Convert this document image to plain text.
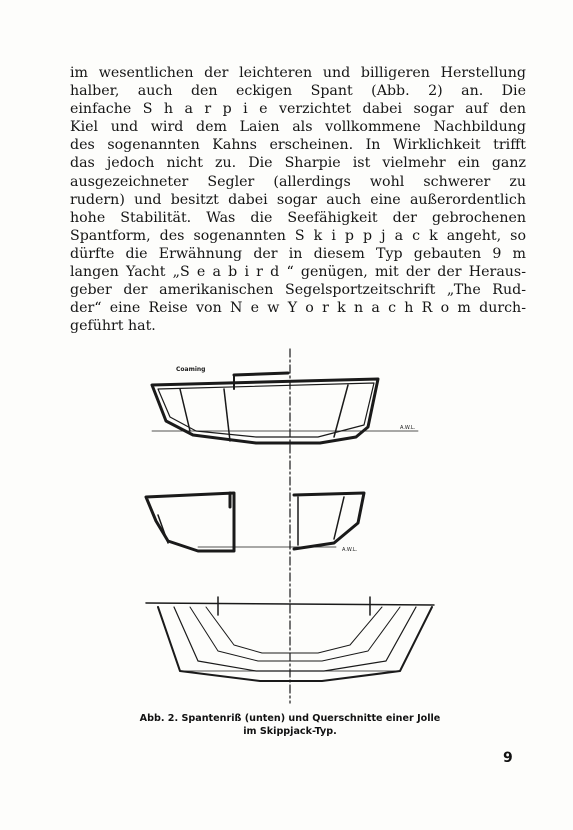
im wesentlichen der leichteren und billigeren Herstellung
halber, auch den eckigen Spant (Abb. 2) an. Die
einfache S h a r p i e verzichtet dabei sogar auf den
Kiel und wird dem Laien als vollkommene Nachbildung
des sogenannten Kahns erscheinen. In Wirklichkeit trifft
das jedoch nicht zu. Die Sharpie ist vielmehr ein ganz
ausgezeichneter Segler (allerdings wohl schwerer zu
rudern) und besitzt dabei sogar auch eine außerordentlich
hohe Stabilität. Was die Seefähigkeit der gebrochenen
Spantform, des sogenannten S k i p p j a c k angeht, so
dürfte die Erwähnung der in diesem Typ gebauten 9 m
langen Yacht „S e a b i r d “ genügen, mit der der Heraus-
geber der amerikanischen Segelsportzeitschrift „The Rud-
der“ eine Reise von N e w Y o r k n a c h R o m durch-
geführt hat.
Coaming
A.W.L.
A.W.L.
Abb. 2. Spantenriß (unten) und Querschnitte einer Jolle
im Skippjack-Typ.
9
